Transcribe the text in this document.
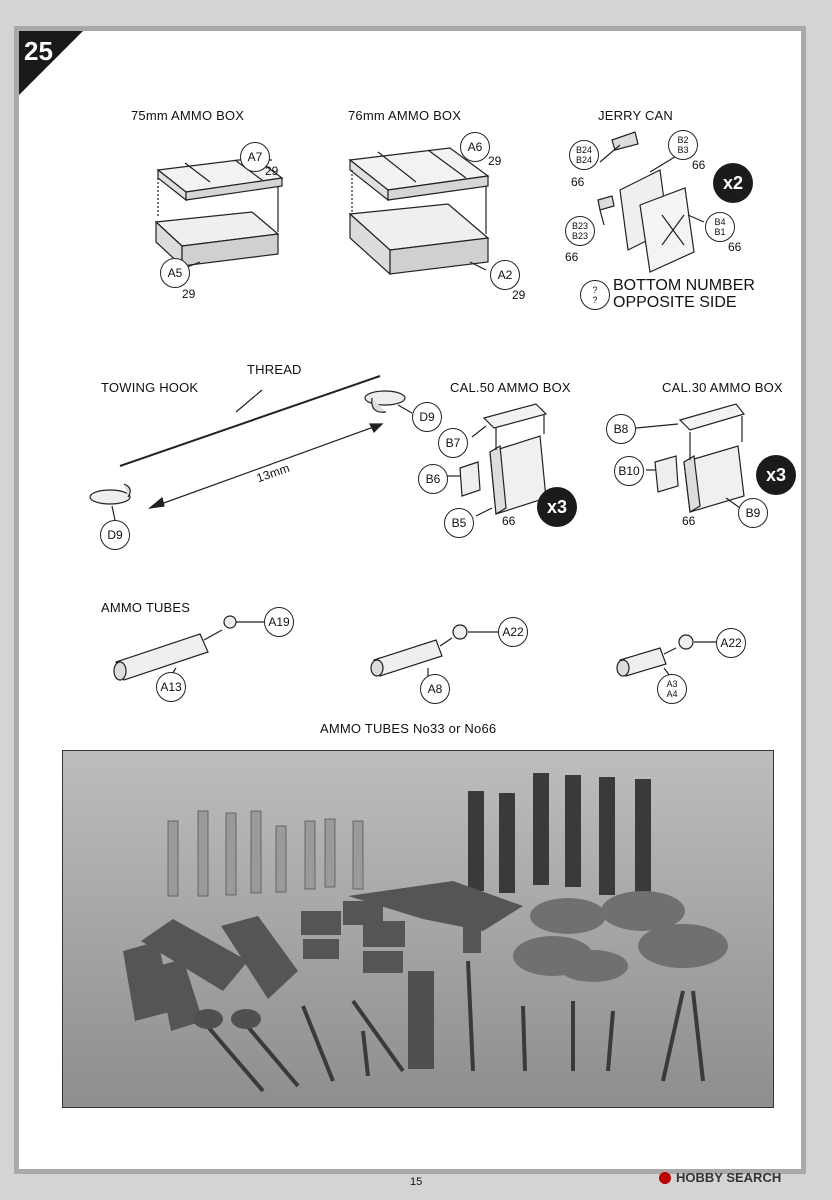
25
75mm AMMO BOX
A7
29
A5
29
76mm AMMO BOX
A6
29
A2
29
JERRY CAN
B24
B24
66
B2
B3
66
x2
B23
B23
66
B4
B1
66
?
?
BOTTOM NUMBER
OPPOSITE SIDE
TOWING HOOK
THREAD
13mm
D9
D9
CAL.50 AMMO BOX
B7
B6
B5	66
x3
CAL.30 AMMO BOX
B8
B10
B9
66
x3
AMMO TUBES
A19
A13
A22
A8
A22
A3
A4
AMMO TUBES No33 or No66
15	HOBBY SEARCH
